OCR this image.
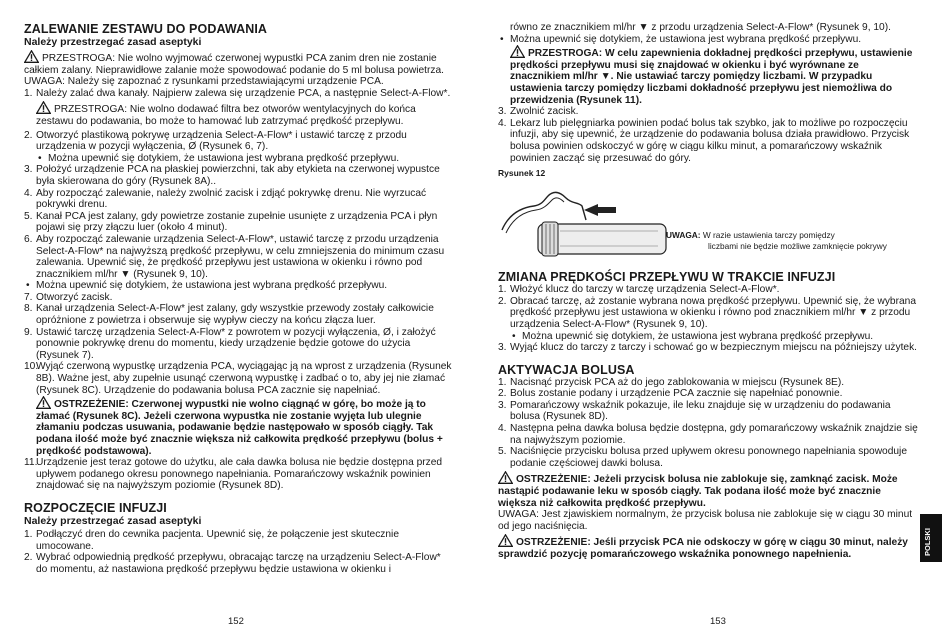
ZALEWANIE ZESTAWU DO PODAWANIA
Należy przestrzegać zasad aseptyki

PRZESTROGA: Nie wolno wyjmować czerwonej wypustki PCA zanim dren nie zostanie całkiem zalany. Nieprawidłowe zalanie może spowodować podanie do 5 ml bolusa powietrza.

UWAGA: Należy się zapoznać z rysunkami przedstawiającymi urządzenie PCA.

1. Należy zalać dwa kanały. Najpierw zalewa się urządzenie PCA, a następnie Select-A-Flow*.

PRZESTROGA: Nie wolno dodawać filtra bez otworów wentylacyjnych do końca zestawu do podawania, bo może to hamować lub zatrzymać prędkość przepływu.

2. Otworzyć plastikową pokrywę urządzenia Select-A-Flow* i ustawić tarczę z przodu urządzenia w pozycji wyłączenia, Ø (Rysunek 6, 7).
• Można upewnić się dotykiem, że ustawiona jest wybrana prędkość przepływu.
3. Położyć urządzenie PCA na płaskiej powierzchni, tak aby etykieta na czerwonej wypustce była skierowana do góry (Rysunek 8A)..
4. Aby rozpocząć zalewanie, należy zwolnić zacisk i zdjąć pokrywkę drenu. Nie wyrzucać pokrywki drenu.
5. Kanał PCA jest zalany, gdy powietrze zostanie zupełnie usunięte z urządzenia PCA i płyn pojawi się przy złączu luer (około 4 minut).
6. Aby rozpocząć zalewanie urządzenia Select-A-Flow*, ustawić tarczę z przodu urządzenia Select-A-Flow* na najwyższą prędkość przepływu, w celu zmniejszenia do minimum czasu zalewania. Upewnić się, że prędkość przepływu jest ustawiona w okienku i równo pod znacznikiem ml/hr ▼ (Rysunek 9, 10).
• Można upewnić się dotykiem, że ustawiona jest wybrana prędkość przepływu.
7. Otworzyć zacisk.
8. Kanał urządzenia Select-A-Flow* jest zalany, gdy wszystkie przewody zostały całkowicie opróżnione z powietrza i obserwuje się wypływ cieczy na końcu złącza luer.
9. Ustawić tarczę urządzenia Select-A-Flow* z powrotem w pozycji wyłączenia, Ø, i założyć ponownie pokrywkę drenu do momentu, kiedy urządzenie będzie gotowe do użycia (Rysunek 7).
10.
Wyjąć czerwoną wypustkę urządzenia PCA, wyciągając ją na wprost z urządzenia (Rysunek 8B). Ważne jest, aby zupełnie usunąć czerwoną wypustkę i zadbać o to, aby jej nie złamać (Rysunek 8C). Urządzenie do podawania bolusa PCA zacznie się napełniać.

OSTRZEŻENIE: Czerwonej wypustki nie wolno ciągnąć w górę, bo może ją to złamać (Rysunek 8C). Jeżeli czerwona wypustka nie zostanie wyjęta lub ulegnie złamaniu podczas usuwania, podawanie będzie następowało w sposób ciągły. Tak podana ilość może być znacznie większa niż całkowita prędkość przepływu (bolus + prędkość podstawowa).

11.
Urządzenie jest teraz gotowe do użytku, ale cała dawka bolusa nie będzie dostępna przed upływem podanego okresu ponownego napełniania. Pomarańczowy wskaźnik powinien znajdować się na najwyższym poziomie (Rysunek 8D).
ROZPOCZĘCIE INFUZJI
Należy przestrzegać zasad aseptyki
1. Podłączyć dren do cewnika pacjenta. Upewnić się, że połączenie jest skutecznie umocowane.
2. Wybrać odpowiednią prędkość przepływu, obracając tarczę na urządzeniu Select-A-Flow* do momentu, aż nastawiona prędkość przepływu będzie ustawiona w okienku i
152

równo ze znacznikiem ml/hr ▼ z przodu urządzenia Select-A-Flow* (Rysunek 9, 10).

• Można upewnić się dotykiem, że ustawiona jest wybrana prędkość przepływu.

PRZESTROGA: W celu zapewnienia dokładnej prędkości przepływu, ustawienie prędkości przepływu musi się znajdować w okienku i być wyrównane ze znacznikiem ml/hr ▼. Nie ustawiać tarczy pomiędzy liczbami. W przypadku ustawienia tarczy pomiędzy liczbami dokładność przepływu jest niemożliwa do przewidzenia (Rysunek 11).

3. Zwolnić zacisk.
4. Lekarz lub pielęgniarka powinien podać bolus tak szybko, jak to możliwe po rozpoczęciu infuzji, aby się upewnić, że urządzenie do podawania bolusa działa prawidłowo. Przycisk bolusa powinien odskoczyć w górę w ciągu kilku minut, a pomarańczowy wskaźnik powinien zacząć się przesuwać do góry.
Rysunek 12
UWAGA: W razie ustawienia tarczy pomiędzy
liczbami nie będzie możliwe zamknięcie pokrywy
ZMIANA PRĘDKOŚCI PRZEPŁYWU W TRAKCIE INFUZJI
1. Włożyć klucz do tarczy w tarczę urządzenia Select-A-Flow*.
2. Obracać tarczę, aż zostanie wybrana nowa prędkość przepływu. Upewnić się, że wybrana prędkość przepływu jest ustawiona w okienku i równo pod znacznikiem ml/hr ▼ z przodu urządzenia Select-A-Flow* (Rysunek 9, 10).
• Można upewnić się dotykiem, że ustawiona jest wybrana prędkość przepływu.
3. Wyjąć klucz do tarczy z tarczy i schować go w bezpiecznym miejscu na późniejszy użytek.
AKTYWACJA BOLUSA
1. Nacisnąć przycisk PCA aż do jego zablokowania w miejscu (Rysunek 8E).
2. Bolus zostanie podany i urządzenie PCA zacznie się napełniać ponownie.
3. Pomarańczowy wskaźnik pokazuje, ile leku znajduje się w urządzeniu do podawania bolusa (Rysunek 8D).
4. Następna pełna dawka bolusa będzie dostępna, gdy pomarańczowy wskaźnik znajdzie się na najwyższym poziomie.
5. Naciśnięcie przycisku bolusa przed upływem okresu ponownego napełniania spowoduje podanie częściowej dawki bolusa.

OSTRZEŻENIE: Jeżeli przycisk bolusa nie zablokuje się, zamknąć zacisk. Może nastąpić podawanie leku w sposób ciągły. Tak podana ilość może być znacznie większa niż całkowita prędkość przepływu.

UWAGA: Jest zjawiskiem normalnym, że przycisk bolusa nie zablokuje się w ciągu 30 minut od jego naciśnięcia.

OSTRZEŻENIE: Jeśli przycisk PCA nie odskoczy w górę w ciągu 30 minut, należy sprawdzić pozycję pomarańczowego wskaźnika ponownego napełnienia.

153
POLSKI
